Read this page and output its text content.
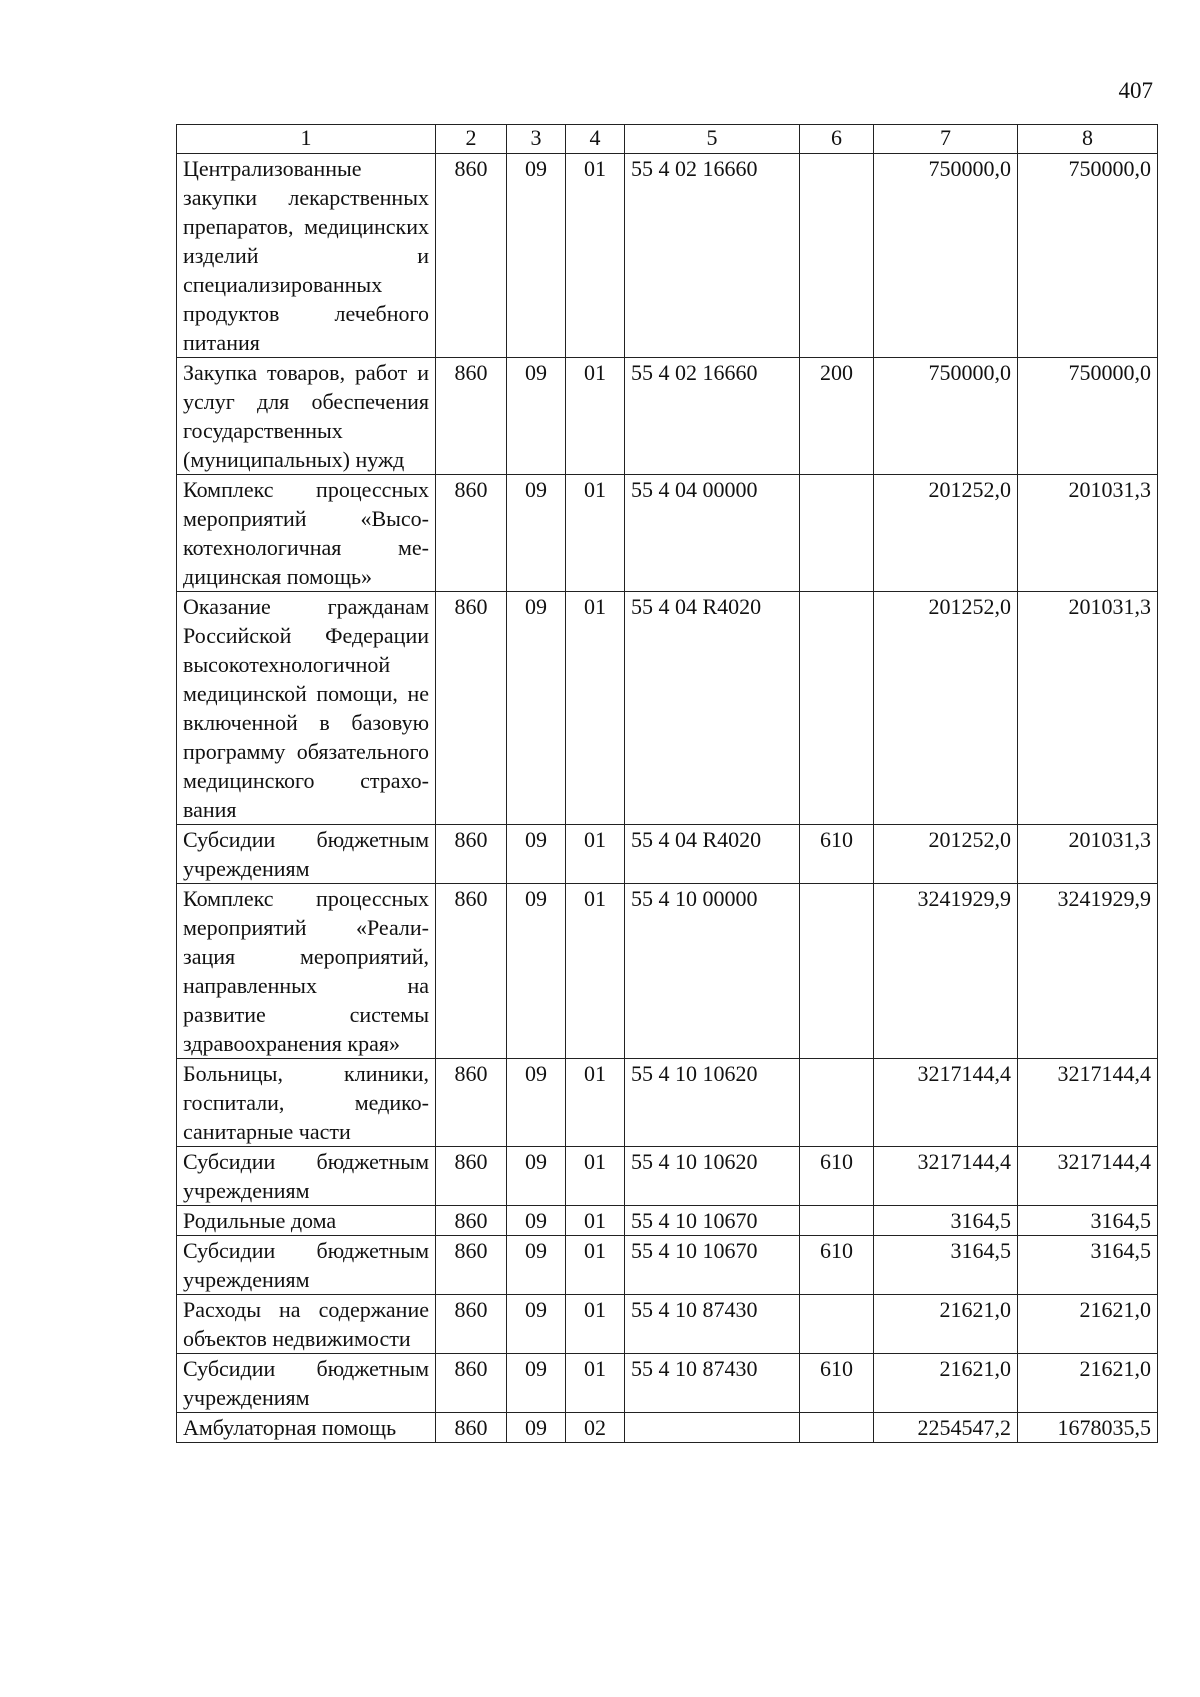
407
1	2	3	4	5	6	7	8
Централизованные закупки лекарственных препаратов, медицинских изделий и специализированных продуктов лечебного питания	860	09	01	55 4 02 16660		750000,0	750000,0
Закупка товаров, работ и услуг для обеспечения государственных (муниципальных) нужд	860	09	01	55 4 02 16660	200	750000,0	750000,0
Комплекс процессных мероприятий «Высокотехнологичная медицинская помощь»	860	09	01	55 4 04 00000		201252,0	201031,3
Оказание гражданам Российской Федерации высокотехнологичной медицинской помощи, не включенной в базовую программу обязательного медицинского страхования	860	09	01	55 4 04 R4020		201252,0	201031,3
Субсидии бюджетным учреждениям	860	09	01	55 4 04 R4020	610	201252,0	201031,3
Комплекс процессных мероприятий «Реализация мероприятий, направленных на развитие системы здравоохранения края»	860	09	01	55 4 10 00000		3241929,9	3241929,9
Больницы, клиники, госпитали, медико-санитарные части	860	09	01	55 4 10 10620		3217144,4	3217144,4
Субсидии бюджетным учреждениям	860	09	01	55 4 10 10620	610	3217144,4	3217144,4
Родильные дома	860	09	01	55 4 10 10670		3164,5	3164,5
Субсидии бюджетным учреждениям	860	09	01	55 4 10 10670	610	3164,5	3164,5
Расходы на содержание объектов недвижимости	860	09	01	55 4 10 87430		21621,0	21621,0
Субсидии бюджетным учреждениям	860	09	01	55 4 10 87430	610	21621,0	21621,0
Амбулаторная помощь	860	09	02			2254547,2	1678035,5
